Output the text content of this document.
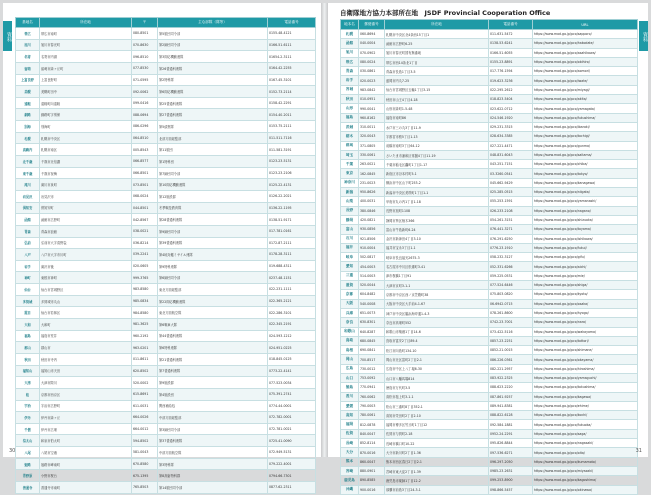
資料
基地名	所在地	〒	主な部隊（隊等）	電話番号
帯広	帯広市南町	080-8501	第5旅団司令部	0155-48-4121
旭川	旭川市春光町	070-8630	第2師団司令部	0166-51-6111
名寄	名寄市内淵	096-8510	第3即応機動連隊	01654-2-3111
留萌	留萌市緑ヶ丘町	077-8530	第26普通科連隊	0164-42-2255
上富良野	上富良野町	071-0595	第2特科隊	0167-45-3101
美幌	美幌町田中	092-0062	第6即応機動連隊	0152-73-2114
遠軽	遠軽町向遠軽	099-0416	第25普通科連隊	0158-42-2291
釧路	釧路町字別保	088-0694	第27普通科連隊	0154-40-2011
別海	別海町	086-0296	第5偵察隊	0153-75-2111
札幌	札幌市中央区	064-8510	北部方面総監部	011-511-7116
真駒内	札幌市南区	005-8543	第11旅団	011-581-3191
北千歳	千歳市北信濃	066-8577	第1特科団	0123-23-5131
東千歳	千歳市祝梅	066-8501	第7師団司令部	0123-23-2106
滝川	滝川市泉町	073-8501	第10即応機動連隊	0125-22-4131
岩見沢	岩見沢市	068-0024	第12施設群	0126-22-2021
倶知安	倶知安町	044-8501	冬季戦技教育隊	0136-22-1195
函館	函館市広野町	042-8567	第28普通科連隊	0138-51-9171
青森	青森市浪館	038-0021	第9師団司令部	017-781-0161
弘前	弘前市大字清野袋	036-8214	第39普通科連隊	0172-87-2111
八戸	八戸市大字市川町	039-2241	第4地対艦ミサイル連隊	0178-28-3111
岩手	滝沢市後	020-0605	第9特科連隊	019-688-4311
神町	東根市神町	999-3765	第6師団司令部	0237-48-1151
仙台	仙台市宮城野区	983-8580	東北方面総監部	022-231-1111
多賀城	多賀城市丸山	985-0834	第22即応機動連隊	022-365-2121
霞目	仙台市若林区	984-8580	東北方面航空隊	022-286-3101
大和	大和町	981-3625	第6戦車大隊	022-345-2191
福島	福島市荒井	960-2192	第44普通科連隊	024-593-1212
郡山	郡山市	963-0201	第6特科連隊	024-951-0225
秋田	秋田市寺内	011-8611	第21普通科連隊	018-845-0125
福知山	福知山市天田	620-8502	第7普通科連隊	0773-22-4141
大津	大津市際川	520-0002	第9施設群	077-523-0034
桂	京都市西京区	615-8691	第4施設団	075-391-2741
宇治	宇治市広野町	611-0031	関西補給処	0774-44-0001
伊丹	伊丹市緑ヶ丘	664-0026	中部方面総監部	072-782-0001
千僧	伊丹市広畑	664-0012	第3師団司令部	072-781-0021
信太山	和泉市伯太町	594-8502	第37普通科連隊	0725-41-0090
八尾	八尾市空港	581-0043	中部方面航空隊	072-949-5131
姫路	姫路市峰南町	670-8580	第3特科隊	079-222-4001
青野原	小野市桜台	675-1395	第8高射特科群	0794-66-7301
善通寺	善通寺市南町	765-8503	第14旅団司令部	0877-62-2311
30
自衛隊地方協力本部所在地　JSDF Provincial Cooperation Office
資料
地本名	郵便番号	所在地	電話番号	URL
札幌	060-8694	札幌市中央区北4条西15丁目1	011-631-5472	https://www.mod.go.jp/pco/sapporo/
函館	040-0004	函館市広野町6-25	0138-53-6241	https://www.mod.go.jp/pco/hakodate/
旭川	070-0902	旭川市春光町国有無番地	0166-51-6055	https://www.mod.go.jp/pco/asahikawa/
帯広	080-0024	帯広市西14条北1丁目	0155-23-8891	https://www.mod.go.jp/pco/obihiro/
青森	030-0861	青森市長島1丁目3-5	017-776-1594	https://www.mod.go.jp/pco/aomori/
岩手	020-0023	盛岡市内丸7-25	019-623-3236	https://www.mod.go.jp/pco/iwate/
宮城	983-0842	仙台市宮城野区五輪1丁目3-15	022-295-2612	https://www.mod.go.jp/pco/miyagi/
秋田	010-0951	秋田市山王4丁目4-18	018-823-5404	https://www.mod.go.jp/pco/akita/
山形	990-0041	山形市緑町1-5-48	023-622-0712	https://www.mod.go.jp/pco/yamagata/
福島	960-8162	福島市南町86	024-546-1920	https://www.mod.go.jp/pco/fukushima/
茨城	310-0011	水戸市三の丸3丁目11-9	029-231-3315	https://www.mod.go.jp/pco/ibaraki/
栃木	320-0043	宇都宮市桜5丁目1-13	028-634-3385	https://www.mod.go.jp/pco/tochigi/
群馬	371-0805	前橋市南町3丁目64-12	027-221-4471	https://www.mod.go.jp/pco/gunma/
埼玉	330-0061	さいたま市浦和区常盤4丁目11-19	048-831-6043	https://www.mod.go.jp/pco/saitama/
千葉	263-0021	千葉市稲毛区轟町1丁目1-17	043-251-7151	https://www.mod.go.jp/pco/chiba/
東京	162-0845	新宿区市谷本村町5-1	03-3260-0541	https://www.mod.go.jp/pco/tokyo/
神奈川	231-0023	横浜市中区山下町253-2	045-662-9429	https://www.mod.go.jp/pco/kanagawa/
新潟	950-8626	新潟市中央区美咲町1丁目1-1	025-285-0515	https://www.mod.go.jp/pco/niigata/
山梨	400-0031	甲府市丸の内1丁目1-18	055-253-1591	https://www.mod.go.jp/pco/yamanashi/
長野	380-0846	長野市旭町1108	026-233-2108	https://www.mod.go.jp/pco/nagano/
静岡	420-0821	静岡市葵区柚木366	054-261-3151	https://www.mod.go.jp/pco/shizuoka/
富山	930-0856	富山市牛島新町6-24	076-441-3271	https://www.mod.go.jp/pco/toyama/
石川	921-8506	金沢市新神田4丁目3-10	076-291-6250	https://www.mod.go.jp/pco/ishikawa/
福井	910-0004	福井市宝永3丁目1-1	0776-23-1910	https://www.mod.go.jp/pco/fukui/
岐阜	502-0817	岐阜市長良福光2675-3	058-232-3127	https://www.mod.go.jp/pco/gifu/
愛知	454-0003	名古屋市中川区松重町3-41	052-331-6266	https://www.mod.go.jp/pco/aichi/
三重	514-0003	津市桜橋1丁目91	059-225-0531	https://www.mod.go.jp/pco/mie/
滋賀	520-0044	大津市京町3-1-1	077-524-6446	https://www.mod.go.jp/pco/shiga/
京都	604-8482	京都市中京区西ノ京笠殿町38	075-803-0820	https://www.mod.go.jp/pco/kyoto/
大阪	540-0008	大阪市中央区大手前4-1-67	06-6942-0715	https://www.mod.go.jp/pco/osaka/
兵庫	651-0073	神戸市中央区脇浜海岸通1-4-3	078-261-8600	https://www.mod.go.jp/pco/hyogo/
奈良	630-8301	奈良市高畑町552	0742-23-7001	https://www.mod.go.jp/pco/nara/
和歌山	640-8287	和歌山市築港1丁目14-6	073-422-5116	https://www.mod.go.jp/pco/wakayama/
鳥取	680-0845	鳥取市富安2丁目89-4	0857-23-2251	https://www.mod.go.jp/pco/tottori/
島根	690-0841	松江市向島町134-10	0852-21-0015	https://www.mod.go.jp/pco/shimane/
岡山	700-8517	岡山市北区富町2丁目2-1	086-226-0361	https://www.mod.go.jp/pco/okayama/
広島	730-0012	広島市中区上八丁堀6-30	082-221-2957	https://www.mod.go.jp/pco/hiroshima/
山口	753-0092	山口市八幡馬場814	083-922-2325	https://www.mod.go.jp/pco/yamaguchi/
徳島	770-0941	徳島市万代町3-5	088-623-2220	https://www.mod.go.jp/pco/tokushima/
香川	760-0062	高松市塩上町3-1-1	087-861-9257	https://www.mod.go.jp/pco/kagawa/
愛媛	790-0003	松山市三番町8丁目352-1	089-941-8381	https://www.mod.go.jp/pco/ehime/
高知	780-0061	高知市栄田町2丁目2-10	088-822-6128	https://www.mod.go.jp/pco/kochi/
福岡	812-0878	福岡市博多区竹丘町1丁目12	092-584-1881	https://www.mod.go.jp/pco/fukuoka/
佐賀	840-0047	佐賀市与賀町2-18	0952-24-2291	https://www.mod.go.jp/pco/saga/
長崎	852-8114	長崎市橋口町10-22	095-826-8844	https://www.mod.go.jp/pco/nagasaki/
大分	870-0016	大分市新川町2丁目1-36	097-536-6271	https://www.mod.go.jp/pco/oita/
熊本	860-0047	熊本市西区春日2丁目2-1	096-297-2050	https://www.mod.go.jp/pco/kumamoto/
宮崎	880-0901	宮崎市東大淀2丁目1-39	0985-23-2631	https://www.mod.go.jp/pco/miyazaki/
鹿児島	890-8585	鹿児島市薬師1丁目12-2	099-253-8900	https://www.mod.go.jp/pco/kagoshima/
沖縄	900-0016	那覇市前島3丁目24-3-1	098-866-5457	https://www.mod.go.jp/pco/okinawa/
31
